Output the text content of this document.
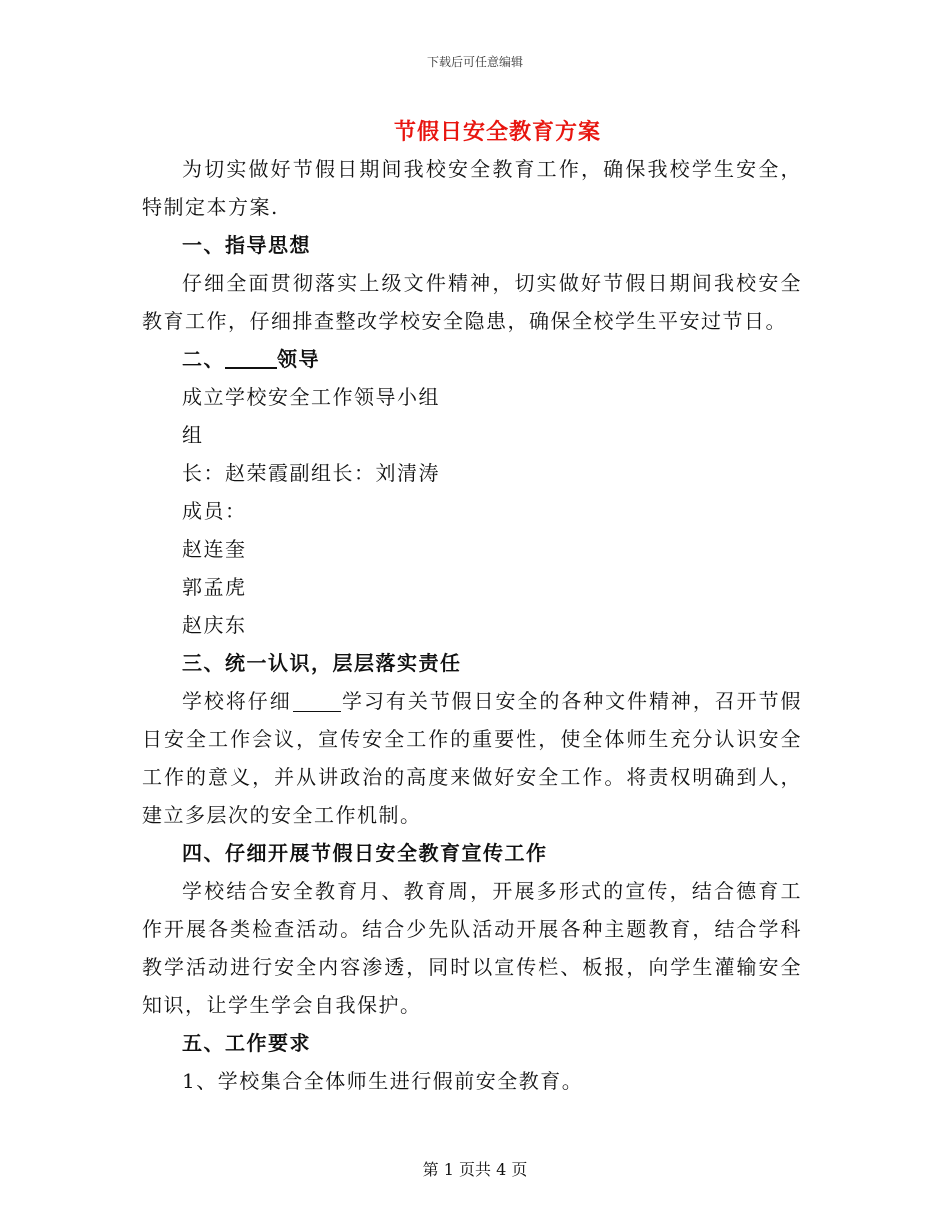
下载后可任意编辑
节假日安全教育方案

为切实做好节假日期间我校安全教育工作，确保我校学生安全，特制定本方案.

一、指导思想

仔细全面贯彻落实上级文件精神，切实做好节假日期间我校安全教育工作，仔细排查整改学校安全隐患，确保全校学生平安过节日。

二、	领导

成立学校安全工作领导小组

组

长：赵荣霞副组长：刘清涛

成员：

赵连奎

郭孟虎

赵庆东

三、统一认识，层层落实责任

学校将仔细	学习有关节假日安全的各种文件精神，召开节假日安全工作会议，宣传安全工作的重要性，使全体师生充分认识安全工作的意义，并从讲政治的高度来做好安全工作。将责权明确到人，建立多层次的安全工作机制。

四、仔细开展节假日安全教育宣传工作

学校结合安全教育月、教育周，开展多形式的宣传，结合德育工作开展各类检查活动。结合少先队活动开展各种主题教育，结合学科教学活动进行安全内容渗透，同时以宣传栏、板报，向学生灌输安全知识，让学生学会自我保护。

五、工作要求

1、学校集合全体师生进行假前安全教育。

第 1 页共 4 页
